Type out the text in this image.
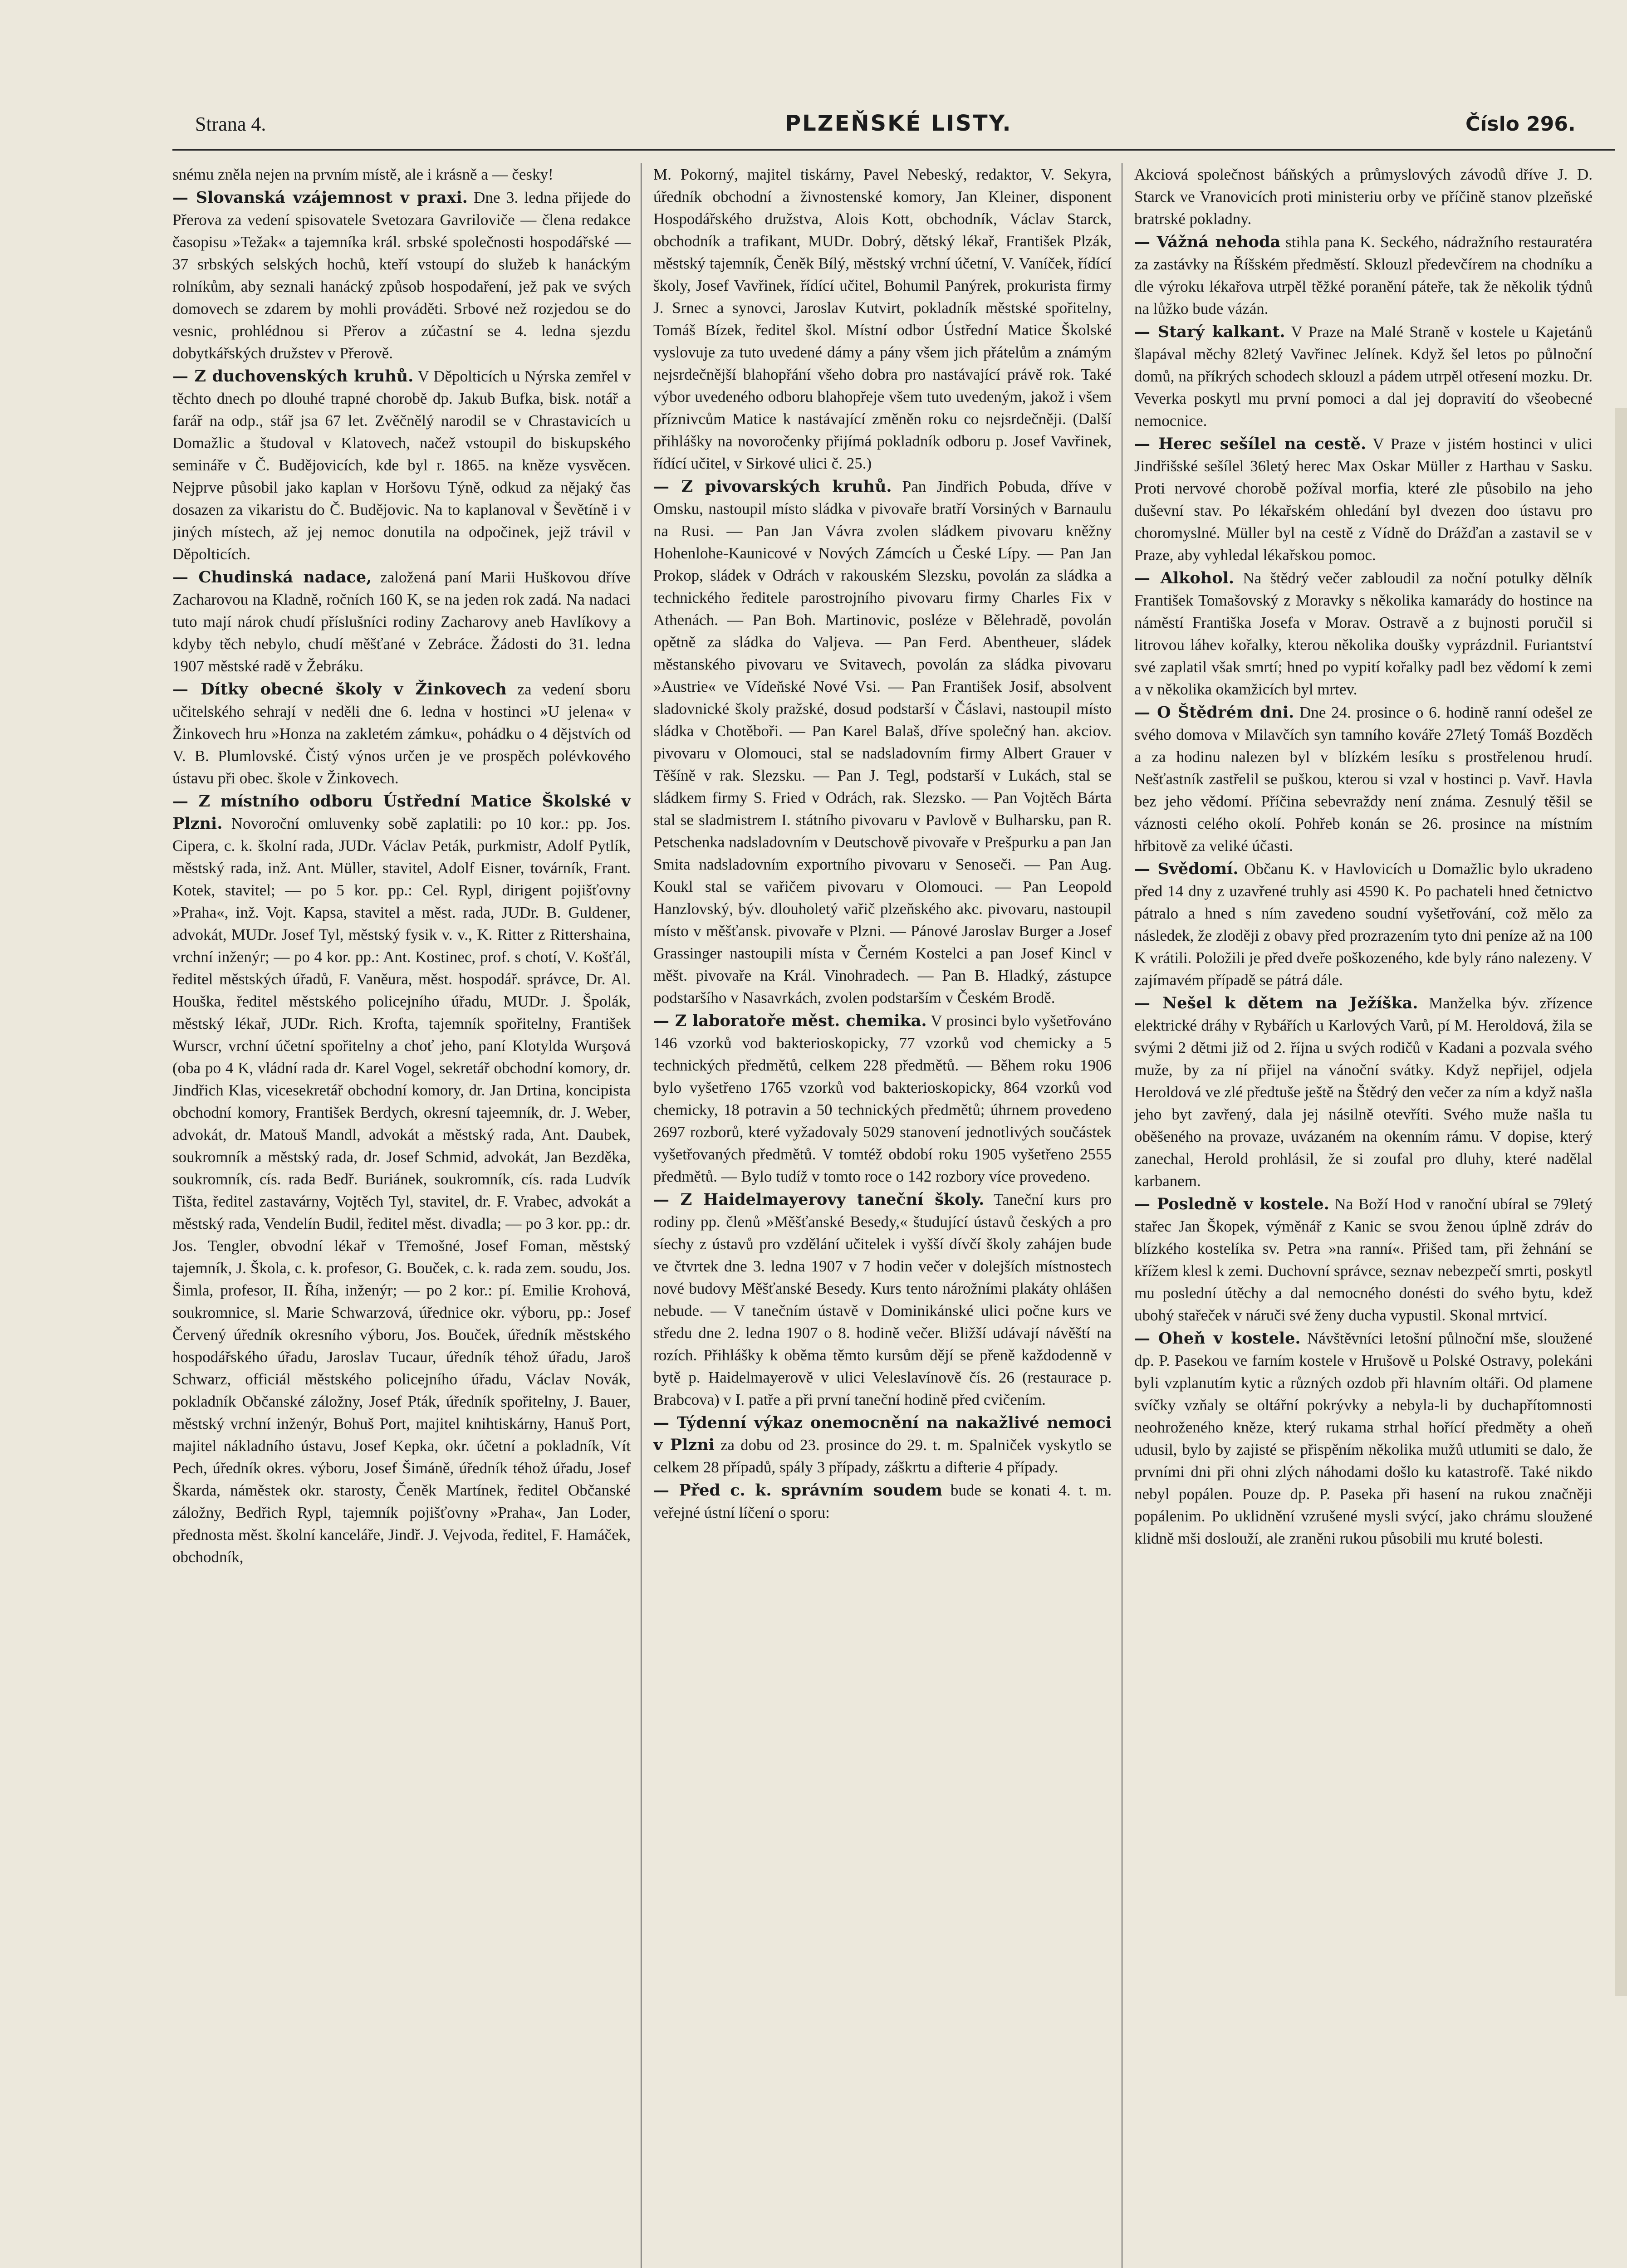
Strana 4.	PLZEŇSKÉ LISTY.	Číslo 296.

snému zněla nejen na prvním místě, ale i krásně a — česky!

— Slovanská vzájemnost v praxi. Dne 3. ledna přijede do Přerova za vedení spisovatele Svetozara Gavriloviče — člena redakce časopisu »Težak« a tajemníka král. srbské společnosti hospodářské — 37 srbských selských hochů, kteří vstoupí do služeb k hanáckým rolníkům, aby seznali hanácký způsob hospodaření, jež pak ve svých domovech se zdarem by mohli prováděti. Srbové než rozjedou se do vesnic, prohlédnou si Přerov a zúčastní se 4. ledna sjezdu dobytkářských družstev v Přerově.

— Z duchovenských kruhů. V Děpolticích u Nýrska zemřel v těchto dnech po dlouhé trapné chorobě dp. Jakub Bufka, bisk. notář a farář na odp., stář jsa 67 let. Zvěčnělý narodil se v Chrastavicích u Domažlic a študoval v Klatovech, načež vstoupil do biskupského semináře v Č. Budějovicích, kde byl r. 1865. na kněze vysvěcen. Nejprve působil jako kaplan v Horšovu Týně, odkud za nějaký čas dosazen za vikaristu do Č. Budějovic. Na to kaplanoval v Ševětíně i v jiných místech, až jej nemoc donutila na odpočinek, jejž trávil v Děpolticích.

— Chudinská nadace, založená paní Marii Huškovou dříve Zacharovou na Kladně, ročních 160 K, se na jeden rok zadá. Na nadaci tuto mají nárok chudí příslušníci rodiny Zacharovy aneb Havlíkovy a kdyby těch nebylo, chudí měšťané v Zebráce. Žádosti do 31. ledna 1907 městské radě v Žebráku.

— Dítky obecné školy v Žinkovech za vedení sboru učitelského sehrají v neděli dne 6. ledna v hostinci »U jelena« v Žinkovech hru »Honza na zakletém zámku«, pohádku o 4 dějstvích od V. B. Plumlovské. Čistý výnos určen je ve prospěch polévkového ústavu při obec. škole v Žinkovech.

— Z místního odboru Ústřední Matice Školské v Plzni. Novoroční omluvenky sobě zaplatili: po 10 kor.: pp. Jos. Cipera, c. k. školní rada, JUDr. Václav Peták, purkmistr, Adolf Pytlík, městský rada, inž. Ant. Müller, stavitel, Adolf Eisner, továrník, Frant. Kotek, stavitel; — po 5 kor. pp.: Cel. Rypl, dirigent pojišťovny »Praha«, inž. Vojt. Kapsa, stavitel a měst. rada, JUDr. B. Guldener, advokát, MUDr. Josef Tyl, městský fysik v. v., K. Ritter z Rittershaina, vrchní inženýr; — po 4 kor. pp.: Ant. Kostinec, prof. s chotí, V. Košťál, ředitel městských úřadů, F. Vaněura, měst. hospodář. správce, Dr. Al. Houška, ředitel městského policejního úřadu, MUDr. J. Špolák, městský lékař, JUDr. Rich. Krofta, tajemník spořitelny, František Wurscr, vrchní účetní spořitelny a choť jeho, paní Klotylda Wurşová (oba po 4 K, vládní rada dr. Karel Vogel, sekretář obchodní komory, dr. Jindřich Klas, vicesekretář obchodní komory, dr. Jan Drtina, koncipista obchodní komory, František Berdych, okresní tajeemník, dr. J. Weber, advokát, dr. Matouš Mandl, advokát a městský rada, Ant. Daubek, soukromník a městský rada, dr. Josef Schmid, advokát, Jan Bezděka, soukromník, cís. rada Bedř. Buriánek, soukromník, cís. rada Ludvík Tišta, ředitel zastavárny, Vojtěch Tyl, stavitel, dr. F. Vrabec, advokát a městský rada, Vendelín Budil, ředitel měst. divadla; — po 3 kor. pp.: dr. Jos. Tengler, obvodní lékař v Třemošné, Josef Foman, městský tajemník, J. Škola, c. k. profesor, G. Bouček, c. k. rada zem. soudu, Jos. Šimla, profesor, II. Říha, inženýr; — po 2 kor.: pí. Emilie Krohová, soukromnice, sl. Marie Schwarzová, úřednice okr. výboru, pp.: Josef Červený úředník okresního výboru, Jos. Bouček, úředník městského hospodářského úřadu, Jaroslav Tucaur, úředník téhož úřadu, Jaroš Schwarz, officiál městského policejního úřadu, Václav Novák, pokladník Občanské záložny, Josef Pták, úředník spořitelny, J. Bauer, městský vrchní inženýr, Bohuš Port, majitel knihtiskárny, Hanuš Port, majitel nákladního ústavu, Josef Kepka, okr. účetní a pokladník, Vít Pech, úředník okres. výboru, Josef Šimáně, úředník téhož úřadu, Josef Škarda, náměstek okr. starosty, Čeněk Martínek, ředitel Občanské záložny, Bedřich Rypl, tajemník pojišťovny »Praha«, Jan Loder, přednosta měst. školní kanceláře, Jindř. J. Vejvoda, ředitel, F. Hamáček, obchodník,

M. Pokorný, majitel tiskárny, Pavel Nebeský, redaktor, V. Sekyra, úředník obchodní a živnostenské komory, Jan Kleiner, disponent Hospodářského družstva, Alois Kott, obchodník, Václav Starck, obchodník a trafikant, MUDr. Dobrý, dětský lékař, František Plzák, městský tajemník, Čeněk Bílý, městský vrchní účetní, V. Vaníček, řídící školy, Josef Vavřinek, řídící učitel, Bohumil Panýrek, prokurista firmy J. Srnec a synovci, Jaroslav Kutvirt, pokladník městské spořitelny, Tomáš Bízek, ředitel škol. Místní odbor Ústřední Matice Školské vyslovuje za tuto uvedené dámy a pány všem jich přátelům a známým nejsrdečnější blahopřání všeho dobra pro nastávající právě rok. Také výbor uvedeného odboru blahopřeje všem tuto uvedeným, jakož i všem příznivcům Matice k nastávající změněn roku co nejsrdečněji. (Další přihlášky na novoročenky přijímá pokladník odboru p. Josef Vavřinek, řídící učitel, v Sirkové ulici č. 25.)

— Z pivovarských kruhů. Pan Jindřich Pobuda, dříve v Omsku, nastoupil místo sládka v pivovaře bratří Vorsiných v Barnaulu na Rusi. — Pan Jan Vávra zvolen sládkem pivovaru kněžny Hohenlohe-Kaunicové v Nových Zámcích u České Lípy. — Pan Jan Prokop, sládek v Odrách v rakouském Slezsku, povolán za sládka a technického ředitele parostrojního pivovaru firmy Charles Fix v Athenách. — Pan Boh. Martinovic, posléze v Bělehradě, povolán opětně za sládka do Valjeva. — Pan Ferd. Abentheuer, sládek městanského pivovaru ve Svitavech, povolán za sládka pivovaru »Austrie« ve Vídeňské Nové Vsi. — Pan František Josif, absolvent sladovnické školy pražské, dosud podstarší v Čáslavi, nastoupil místo sládka v Chotěboři. — Pan Karel Balaš, dříve společný han. akciov. pivovaru v Olomouci, stal se nadsladovním firmy Albert Grauer v Těšíně v rak. Slezsku. — Pan J. Tegl, podstarší v Lukách, stal se sládkem firmy S. Fried v Odrách, rak. Slezsko. — Pan Vojtěch Bárta stal se sladmistrem I. státního pivovaru v Pavlově v Bulharsku, pan R. Petschenka nadsladovním v Deutschově pivovaře v Prešpurku a pan Jan Smita nadsladovním exportního pivovaru v Senoseči. — Pan Aug. Koukl stal se vařičem pivovaru v Olomouci. — Pan Leopold Hanzlovský, býv. dlouholetý vařič plzeňského akc. pivovaru, nastoupil místo v měšťansk. pivovaře v Plzni. — Pánové Jaroslav Burger a Josef Grassinger nastoupili místa v Černém Kostelci a pan Josef Kincl v měšt. pivovaře na Král. Vinohradech. — Pan B. Hladký, zástupce podstaršího v Nasavrkách, zvolen podstarším v Českém Brodě.

— Z laboratoře měst. chemika. V prosinci bylo vyšetřováno 146 vzorků vod bakterioskopicky, 77 vzorků vod chemicky a 5 technických předmětů, celkem 228 předmětů. — Během roku 1906 bylo vyšetřeno 1765 vzorků vod bakterioskopicky, 864 vzorků vod chemicky, 18 potravin a 50 technických předmětů; úhrnem provedeno 2697 rozborů, které vyžadovaly 5029 stanovení jednotlivých součástek vyšetřovaných předmětů. V tomtéž období roku 1905 vyšetřeno 2555 předmětů. — Bylo tudíž v tomto roce o 142 rozbory více provedeno.

— Z Haidelmayerovy taneční školy. Taneční kurs pro rodiny pp. členů »Měšťanské Besedy,« študující ústavů českých a pro síechy z ústavů pro vzdělání učitelek i vyšší dívčí školy zahájen bude ve čtvrtek dne 3. ledna 1907 v 7 hodin večer v dolejších místnostech nové budovy Měšťanské Besedy. Kurs tento nárožními plakáty ohlášen nebude. — V tanečním ústavě v Dominikánské ulici počne kurs ve středu dne 2. ledna 1907 o 8. hodině večer. Bližší udávají návěští na rozích. Přihlášky k oběma těmto kursům dějí se přeně každodenně v bytě p. Haidelmayerově v ulici Veleslavínově čís. 26 (restaurace p. Brabcova) v I. patře a při první taneční hodině před cvičením.

— Týdenní výkaz onemocnění na nakažlivé nemoci v Plzni za dobu od 23. prosince do 29. t. m. Spalniček vyskytlo se celkem 28 případů, spály 3 případy, záškrtu a difterie 4 případy.

— Před c. k. správním soudem bude se konati 4. t. m. veřejné ústní líčení o sporu:

Akciová společnost báňských a průmyslových závodů dříve J. D. Starck ve Vranovicích proti ministeriu orby ve příčině stanov plzeňské bratrské pokladny.

— Vážná nehoda stihla pana K. Seckého, nádražního restauratéra za zastávky na Říšském předměstí. Sklouzl předevčírem na chodníku a dle výroku lékařova utrpěl těžké poranění páteře, tak že několik týdnů na lůžko bude vázán.

— Starý kalkant. V Praze na Malé Straně v kostele u Kajetánů šlapával měchy 82letý Vavřinec Jelínek. Když šel letos po půlnoční domů, na příkrých schodech sklouzl a pádem utrpěl otřesení mozku. Dr. Veverka poskytl mu první pomoci a dal jej dopravití do všeobecné nemocnice.

— Herec sešílel na cestě. V Praze v jistém hostinci v ulici Jindřišské sešílel 36letý herec Max Oskar Müller z Harthau v Sasku. Proti nervové chorobě požíval morfia, které zle působilo na jeho duševní stav. Po lékařském ohledání byl dvezen doo ústavu pro choromyslné. Müller byl na cestě z Vídně do Drážďan a zastavil se v Praze, aby vyhledal lékařskou pomoc.

— Alkohol. Na štědrý večer zabloudil za noční potulky dělník František Tomašovský z Moravky s několika kamarády do hostince na náměstí Františka Josefa v Morav. Ostravě a z bujnosti poručil si litrovou láhev kořalky, kterou několika doušky vyprázdnil. Furiantství své zaplatil však smrtí; hned po vypití kořalky padl bez vědomí k zemi a v několika okamžicích byl mrtev.

— O Štědrém dni. Dne 24. prosince o 6. hodině ranní odešel ze svého domova v Milavčích syn tamního kováře 27letý Tomáš Bozděch a za hodinu nalezen byl v blízkém lesíku s prostřelenou hrudí. Nešťastník zastřelil se puškou, kterou si vzal v hostinci p. Vavř. Havla bez jeho vědomí. Příčina sebevraždy není známa. Zesnulý těšil se váznosti celého okolí. Pohřeb konán se 26. prosince na místním hřbitově za veliké účasti.

— Svědomí. Občanu K. v Havlovicích u Domažlic bylo ukradeno před 14 dny z uzavřené truhly asi 4590 K. Po pachateli hned četnictvo pátralo a hned s ním zavedeno soudní vyšetřování, což mělo za následek, že zloději z obavy před prozrazením tyto dni peníze až na 100 K vrátili. Položili je před dveře poškozeného, kde byly ráno nalezeny. V zajímavém případě se pátrá dále.

— Nešel k dětem na Ježíška. Manželka býv. zřízence elektrické dráhy v Rybářích u Karlových Varů, pí M. Heroldová, žila se svými 2 dětmi již od 2. října u svých rodičů v Kadani a pozvala svého muže, by za ní přijel na vánoční svátky. Když nepřijel, odjela Heroldová ve zlé předtuše ještě na Štědrý den večer za ním a když našla jeho byt zavřený, dala jej násilně otevříti. Svého muže našla tu oběšeného na provaze, uvázaném na okenním rámu. V dopise, který zanechal, Herold prohlásil, že si zoufal pro dluhy, které nadělal karbanem.

— Posledně v kostele. Na Boží Hod v ranoční ubíral se 79letý stařec Jan Škopek, výměnář z Kanic se svou ženou úplně zdráv do blízkého kostelíka sv. Petra »na ranní«. Přišed tam, při žehnání se křížem klesl k zemi. Duchovní správce, seznav nebezpečí smrti, poskytl mu poslední útěchy a dal nemocného donésti do svého bytu, kdež ubohý stařeček v náruči své ženy ducha vypustil. Skonal mrtvicí.

— Oheň v kostele. Návštěvníci letošní půlnoční mše, sloužené dp. P. Pasekou ve farním kostele v Hrušově u Polské Ostravy, polekáni byli vzplanutím kytic a různých ozdob při hlavním oltáři. Od plamene svíčky vzňaly se oltářní pokrývky a nebyla-li by duchapřítomnosti neohroženého kněze, který rukama strhal hořící předměty a oheň udusil, bylo by zajisté se přispěním několika mužů utlumiti se dalo, že prvními dni při ohni zlých náhodami došlo ku katastrofě. Také nikdo nebyl popálen. Pouze dp. P. Paseka při hasení na rukou značněji popálenim. Po uklidnění vzrušené mysli svýcí, jako chrámu sloužené klidně mši doslouží, ale zraněni rukou působili mu kruté bolesti.
